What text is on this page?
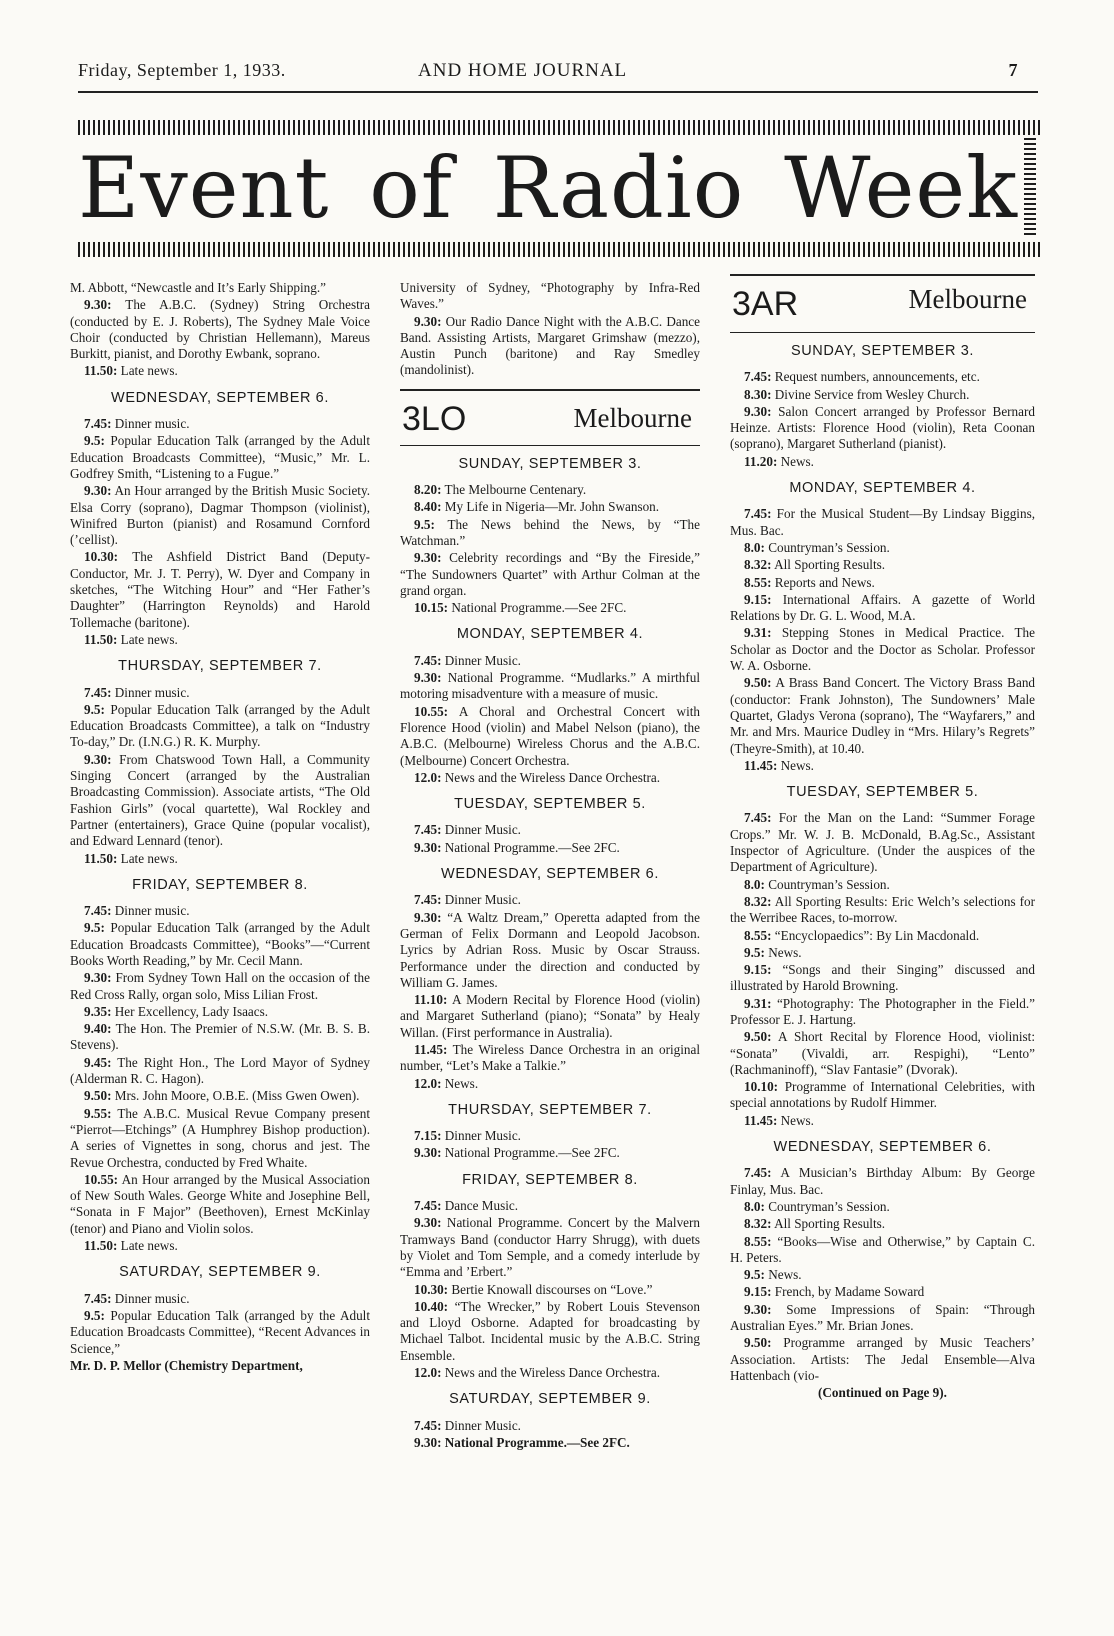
Friday, September 1, 1933.	AND HOME JOURNAL	7
Event of Radio Week

M. Abbott, “Newcastle and It’s Early Shipping.”

9.30: The A.B.C. (Sydney) String Orchestra (conducted by E. J. Roberts), The Sydney Male Voice Choir (conducted by Christian Hellemann), Mareus Burkitt, pianist, and Dorothy Ewbank, soprano.

11.50: Late news.

WEDNESDAY, SEPTEMBER 6.

7.45: Dinner music.

9.5: Popular Education Talk (arranged by the Adult Education Broadcasts Committee), “Music,” Mr. L. Godfrey Smith, “Listening to a Fugue.”

9.30: An Hour arranged by the British Music Society. Elsa Corry (soprano), Dagmar Thompson (violinist), Winifred Burton (pianist) and Rosamund Cornford (’cellist).

10.30: The Ashfield District Band (Deputy-Conductor, Mr. J. T. Perry), W. Dyer and Company in sketches, “The Witching Hour” and “Her Father’s Daughter” (Harrington Reynolds) and Harold Tollemache (baritone).

11.50: Late news.

THURSDAY, SEPTEMBER 7.

7.45: Dinner music.

9.5: Popular Education Talk (arranged by the Adult Education Broadcasts Committee), a talk on “Industry To-day,” Dr. (I.N.G.) R. K. Murphy.

9.30: From Chatswood Town Hall, a Community Singing Concert (arranged by the Australian Broadcasting Commission). Associate artists, “The Old Fashion Girls” (vocal quartette), Wal Rockley and Partner (entertainers), Grace Quine (popular vocalist), and Edward Lennard (tenor).

11.50: Late news.

FRIDAY, SEPTEMBER 8.

7.45: Dinner music.

9.5: Popular Education Talk (arranged by the Adult Education Broadcasts Committee), “Books”—“Current Books Worth Reading,” by Mr. Cecil Mann.

9.30: From Sydney Town Hall on the occasion of the Red Cross Rally, organ solo, Miss Lilian Frost.

9.35: Her Excellency, Lady Isaacs.

9.40: The Hon. The Premier of N.S.W. (Mr. B. S. B. Stevens).

9.45: The Right Hon., The Lord Mayor of Sydney (Alderman R. C. Hagon).

9.50: Mrs. John Moore, O.B.E. (Miss Gwen Owen).

9.55: The A.B.C. Musical Revue Company present “Pierrot—Etchings” (A Humphrey Bishop production). A series of Vignettes in song, chorus and jest. The Revue Orchestra, conducted by Fred Whaite.

10.55: An Hour arranged by the Musical Association of New South Wales. George White and Josephine Bell, “Sonata in F Major” (Beethoven), Ernest McKinlay (tenor) and Piano and Violin solos.

11.50: Late news.

SATURDAY, SEPTEMBER 9.

7.45: Dinner music.

9.5: Popular Education Talk (arranged by the Adult Education Broadcasts Committee), “Recent Advances in Science,”

Mr. D. P. Mellor (Chemistry Department,

University of Sydney, “Photography by Infra-Red Waves.”

9.30: Our Radio Dance Night with the A.B.C. Dance Band. Assisting Artists, Margaret Grimshaw (mezzo), Austin Punch (baritone) and Ray Smedley (mandolinist).

3LO	Melbourne
SUNDAY, SEPTEMBER 3.

8.20: The Melbourne Centenary.

8.40: My Life in Nigeria—Mr. John Swanson.

9.5: The News behind the News, by “The Watchman.”

9.30: Celebrity recordings and “By the Fireside,” “The Sundowners Quartet” with Arthur Colman at the grand organ.

10.15: National Programme.—See 2FC.

MONDAY, SEPTEMBER 4.

7.45: Dinner Music.

9.30: National Programme. “Mudlarks.” A mirthful motoring misadventure with a measure of music.

10.55: A Choral and Orchestral Concert with Florence Hood (violin) and Mabel Nelson (piano), the A.B.C. (Melbourne) Wireless Chorus and the A.B.C. (Melbourne) Concert Orchestra.

12.0: News and the Wireless Dance Orchestra.

TUESDAY, SEPTEMBER 5.

7.45: Dinner Music.

9.30: National Programme.—See 2FC.

WEDNESDAY, SEPTEMBER 6.

7.45: Dinner Music.

9.30: “A Waltz Dream,” Operetta adapted from the German of Felix Dormann and Leopold Jacobson. Lyrics by Adrian Ross. Music by Oscar Strauss. Performance under the direction and conducted by William G. James.

11.10: A Modern Recital by Florence Hood (violin) and Margaret Sutherland (piano); “Sonata” by Healy Willan. (First performance in Australia).

11.45: The Wireless Dance Orchestra in an original number, “Let’s Make a Talkie.”

12.0: News.

THURSDAY, SEPTEMBER 7.

7.15: Dinner Music.

9.30: National Programme.—See 2FC.

FRIDAY, SEPTEMBER 8.

7.45: Dance Music.

9.30: National Programme. Concert by the Malvern Tramways Band (conductor Harry Shrugg), with duets by Violet and Tom Semple, and a comedy interlude by “Emma and ’Erbert.”

10.30: Bertie Knowall discourses on “Love.”

10.40: “The Wrecker,” by Robert Louis Stevenson and Lloyd Osborne. Adapted for broadcasting by Michael Talbot. Incidental music by the A.B.C. String Ensemble.

12.0: News and the Wireless Dance Orchestra.

SATURDAY, SEPTEMBER 9.

7.45: Dinner Music.

9.30: National Programme.—See 2FC.

3AR	Melbourne
SUNDAY, SEPTEMBER 3.

7.45: Request numbers, announcements, etc.

8.30: Divine Service from Wesley Church.

9.30: Salon Concert arranged by Professor Bernard Heinze. Artists: Florence Hood (violin), Reta Coonan (soprano), Margaret Sutherland (pianist).

11.20: News.

MONDAY, SEPTEMBER 4.

7.45: For the Musical Student—By Lindsay Biggins, Mus. Bac.

8.0: Countryman’s Session.

8.32: All Sporting Results.

8.55: Reports and News.

9.15: International Affairs. A gazette of World Relations by Dr. G. L. Wood, M.A.

9.31: Stepping Stones in Medical Practice. The Scholar as Doctor and the Doctor as Scholar. Professor W. A. Osborne.

9.50: A Brass Band Concert. The Victory Brass Band (conductor: Frank Johnston), The Sundowners’ Male Quartet, Gladys Verona (soprano), The “Wayfarers,” and Mr. and Mrs. Maurice Dudley in “Mrs. Hilary’s Regrets” (Theyre-Smith), at 10.40.

11.45: News.

TUESDAY, SEPTEMBER 5.

7.45: For the Man on the Land: “Summer Forage Crops.” Mr. W. J. B. McDonald, B.Ag.Sc., Assistant Inspector of Agriculture. (Under the auspices of the Department of Agriculture).

8.0: Countryman’s Session.

8.32: All Sporting Results: Eric Welch’s selections for the Werribee Races, to-morrow.

8.55: “Encyclopaedics”: By Lin Macdonald.

9.5: News.

9.15: “Songs and their Singing” discussed and illustrated by Harold Browning.

9.31: “Photography: The Photographer in the Field.” Professor E. J. Hartung.

9.50: A Short Recital by Florence Hood, violinist: “Sonata” (Vivaldi, arr. Respighi), “Lento” (Rachmaninoff), “Slav Fantasie” (Dvorak).

10.10: Programme of International Celebrities, with special annotations by Rudolf Himmer.

11.45: News.

WEDNESDAY, SEPTEMBER 6.

7.45: A Musician’s Birthday Album: By George Finlay, Mus. Bac.

8.0: Countryman’s Session.

8.32: All Sporting Results.

8.55: “Books—Wise and Otherwise,” by Captain C. H. Peters.

9.5: News.

9.15: French, by Madame Soward

9.30: Some Impressions of Spain: “Through Australian Eyes.” Mr. Brian Jones.

9.50: Programme arranged by Music Teachers’ Association. Artists: The Jedal Ensemble—Alva Hattenbach (vio-

(Continued on Page 9).
